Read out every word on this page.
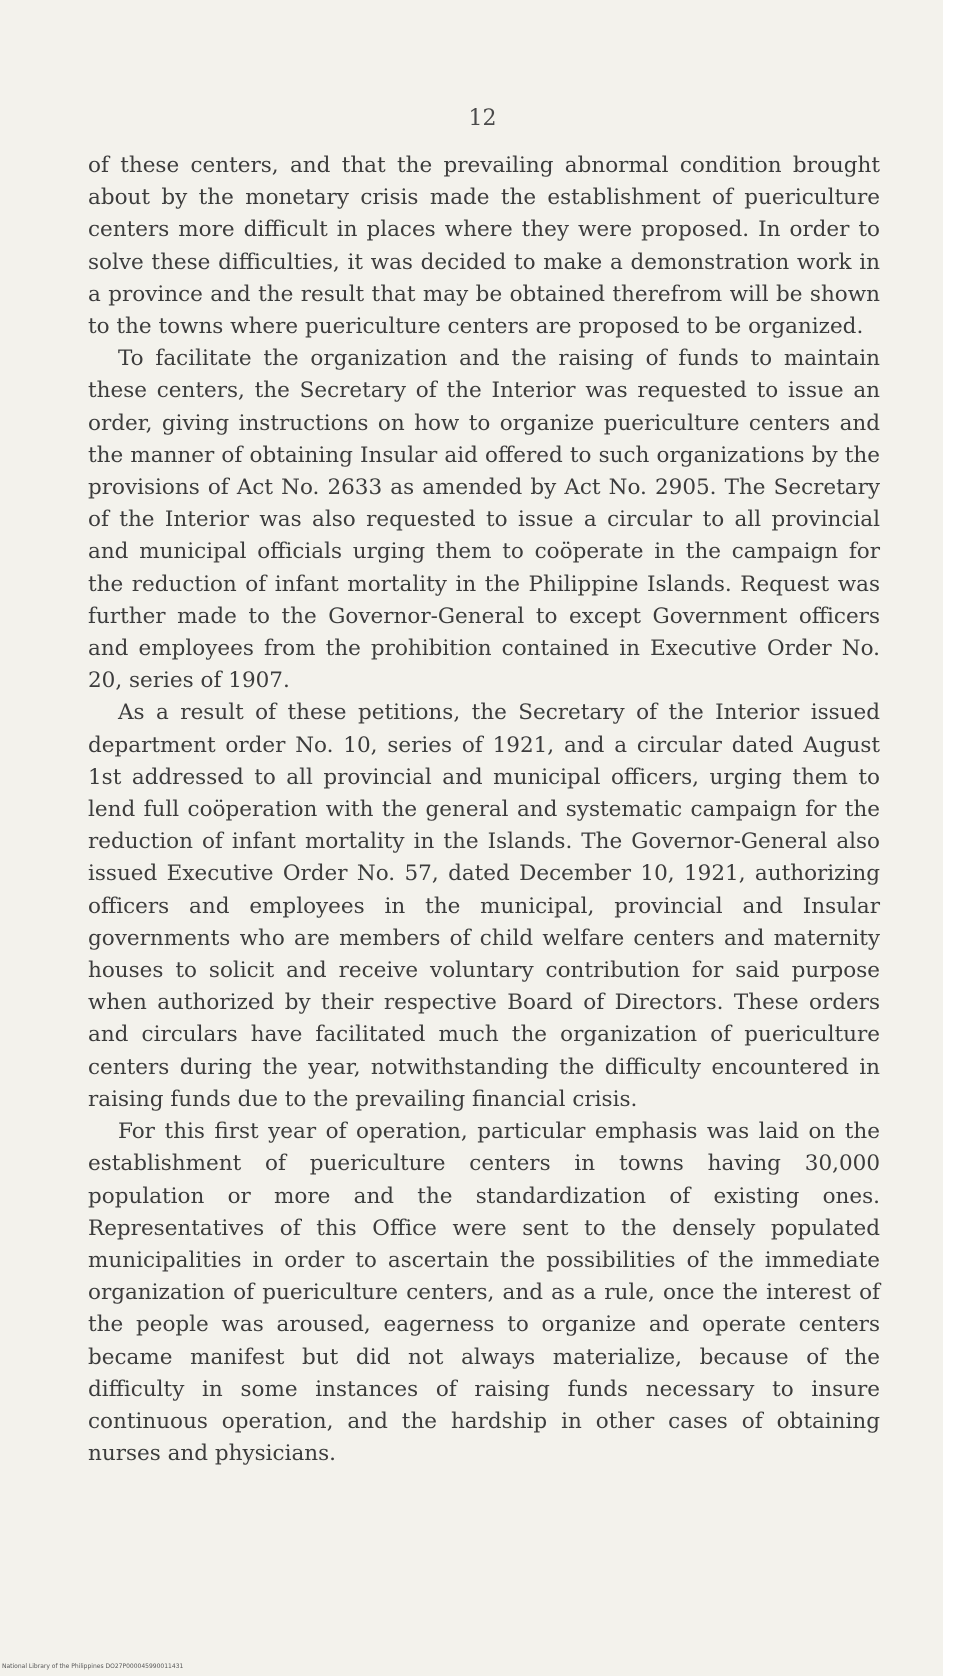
12

of these centers, and that the prevailing abnormal condition brought about by the monetary crisis made the establishment of puericulture centers more difficult in places where they were proposed. In order to solve these difficulties, it was decided to make a demonstration work in a province and the result that may be obtained therefrom will be shown to the towns where puericulture centers are proposed to be organized.

To facilitate the organization and the raising of funds to maintain these centers, the Secretary of the Interior was requested to issue an order, giving instructions on how to organize puericulture centers and the manner of obtaining Insular aid offered to such organizations by the provisions of Act No. 2633 as amended by Act No. 2905. The Secretary of the Interior was also requested to issue a circular to all provincial and municipal officials urging them to coöperate in the campaign for the reduction of infant mortality in the Philippine Islands. Request was further made to the Governor-General to except Government officers and employees from the prohibition contained in Executive Order No. 20, series of 1907.

As a result of these petitions, the Secretary of the Interior issued department order No. 10, series of 1921, and a circular dated August 1st addressed to all provincial and municipal officers, urging them to lend full coöperation with the general and systematic campaign for the reduction of infant mortality in the Islands. The Governor-General also issued Executive Order No. 57, dated December 10, 1921, authorizing officers and employees in the municipal, provincial and Insular governments who are members of child welfare centers and maternity houses to solicit and receive voluntary contribution for said purpose when authorized by their respective Board of Directors. These orders and circulars have facilitated much the organization of puericulture centers during the year, notwithstanding the difficulty encountered in raising funds due to the prevailing financial crisis.

For this first year of operation, particular emphasis was laid on the establishment of puericulture centers in towns having 30,000 population or more and the standardization of existing ones. Representatives of this Office were sent to the densely populated municipalities in order to ascertain the possibilities of the immediate organization of puericulture centers, and as a rule, once the interest of the people was aroused, eagerness to organize and operate centers became manifest but did not always materialize, because of the difficulty in some instances of raising funds necessary to insure continuous operation, and the hardship in other cases of obtaining nurses and physicians.

National Library of the Philippines DO27P000045990011431
